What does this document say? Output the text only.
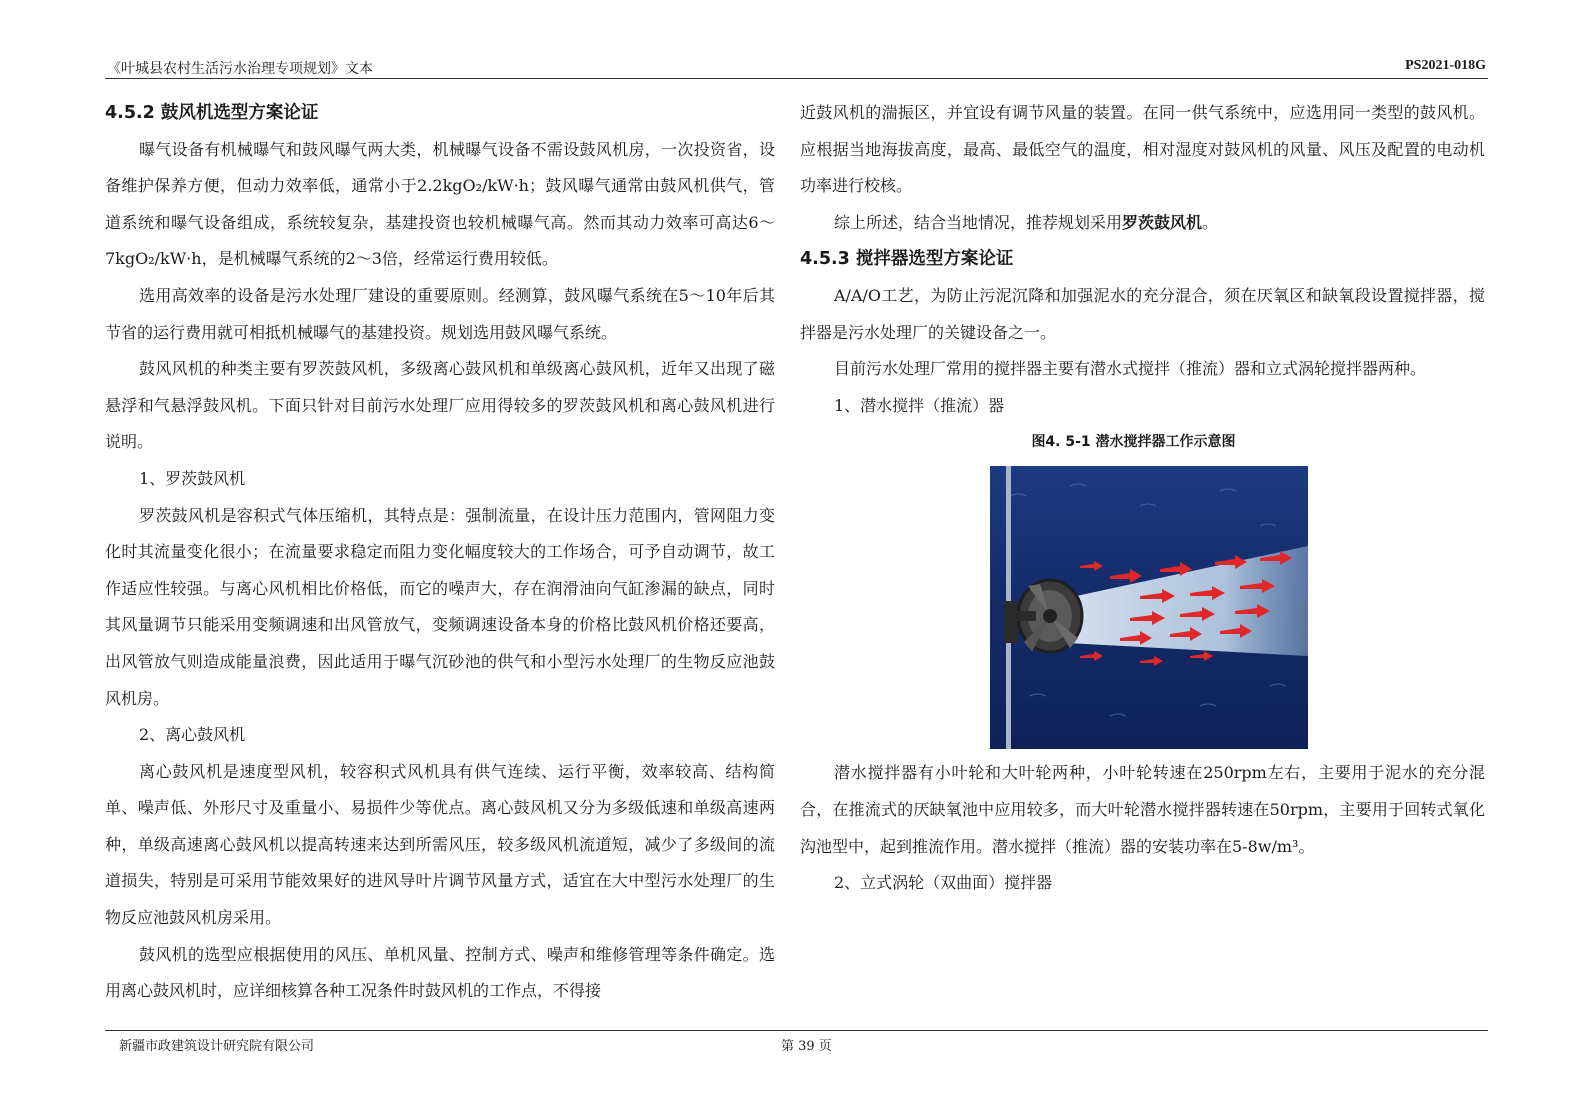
《叶城县农村生活污水治理专项规划》文本	PS2021-018G
4.5.2 鼓风机选型方案论证

曝气设备有机械曝气和鼓风曝气两大类，机械曝气设备不需设鼓风机房，一次投资省，设备维护保养方便，但动力效率低，通常小于2.2kgO₂/kW·h；鼓风曝气通常由鼓风机供气，管道系统和曝气设备组成，系统较复杂，基建投资也较机械曝气高。然而其动力效率可高达6～7kgO₂/kW·h，是机械曝气系统的2～3倍，经常运行费用较低。

选用高效率的设备是污水处理厂建设的重要原则。经测算，鼓风曝气系统在5～10年后其节省的运行费用就可相抵机械曝气的基建投资。规划选用鼓风曝气系统。

鼓风风机的种类主要有罗茨鼓风机，多级离心鼓风机和单级离心鼓风机，近年又出现了磁悬浮和气悬浮鼓风机。下面只针对目前污水处理厂应用得较多的罗茨鼓风机和离心鼓风机进行说明。

1、罗茨鼓风机

罗茨鼓风机是容积式气体压缩机，其特点是：强制流量，在设计压力范围内，管网阻力变化时其流量变化很小；在流量要求稳定而阻力变化幅度较大的工作场合，可予自动调节，故工作适应性较强。与离心风机相比价格低，而它的噪声大，存在润滑油向气缸渗漏的缺点，同时其风量调节只能采用变频调速和出风管放气，变频调速设备本身的价格比鼓风机价格还要高，出风管放气则造成能量浪费，因此适用于曝气沉砂池的供气和小型污水处理厂的生物反应池鼓风机房。

2、离心鼓风机

离心鼓风机是速度型风机，较容积式风机具有供气连续、运行平衡，效率较高、结构简单、噪声低、外形尺寸及重量小、易损件少等优点。离心鼓风机又分为多级低速和单级高速两种，单级高速离心鼓风机以提高转速来达到所需风压，较多级风机流道短，减少了多级间的流道损失，特别是可采用节能效果好的进风导叶片调节风量方式，适宜在大中型污水处理厂的生物反应池鼓风机房采用。

鼓风机的选型应根据使用的风压、单机风量、控制方式、噪声和维修管理等条件确定。选用离心鼓风机时，应详细核算各种工况条件时鼓风机的工作点，不得接

近鼓风机的湍振区，并宜设有调节风量的装置。在同一供气系统中，应选用同一类型的鼓风机。应根据当地海拔高度，最高、最低空气的温度，相对湿度对鼓风机的风量、风压及配置的电动机功率进行校核。

综上所述，结合当地情况，推荐规划采用罗茨鼓风机。

4.5.3 搅拌器选型方案论证

A/A/O工艺，为防止污泥沉降和加强泥水的充分混合，须在厌氧区和缺氧段设置搅拌器，搅拌器是污水处理厂的关键设备之一。

目前污水处理厂常用的搅拌器主要有潜水式搅拌（推流）器和立式涡轮搅拌器两种。

1、潜水搅拌（推流）器

图4. 5-1 潜水搅拌器工作示意图

潜水搅拌器有小叶轮和大叶轮两种，小叶轮转速在250rpm左右，主要用于泥水的充分混合，在推流式的厌缺氧池中应用较多，而大叶轮潜水搅拌器转速在50rpm，主要用于回转式氧化沟池型中，起到推流作用。潜水搅拌（推流）器的安装功率在5-8w/m³。

2、立式涡轮（双曲面）搅拌器

新疆市政建筑设计研究院有限公司	第 39 页
